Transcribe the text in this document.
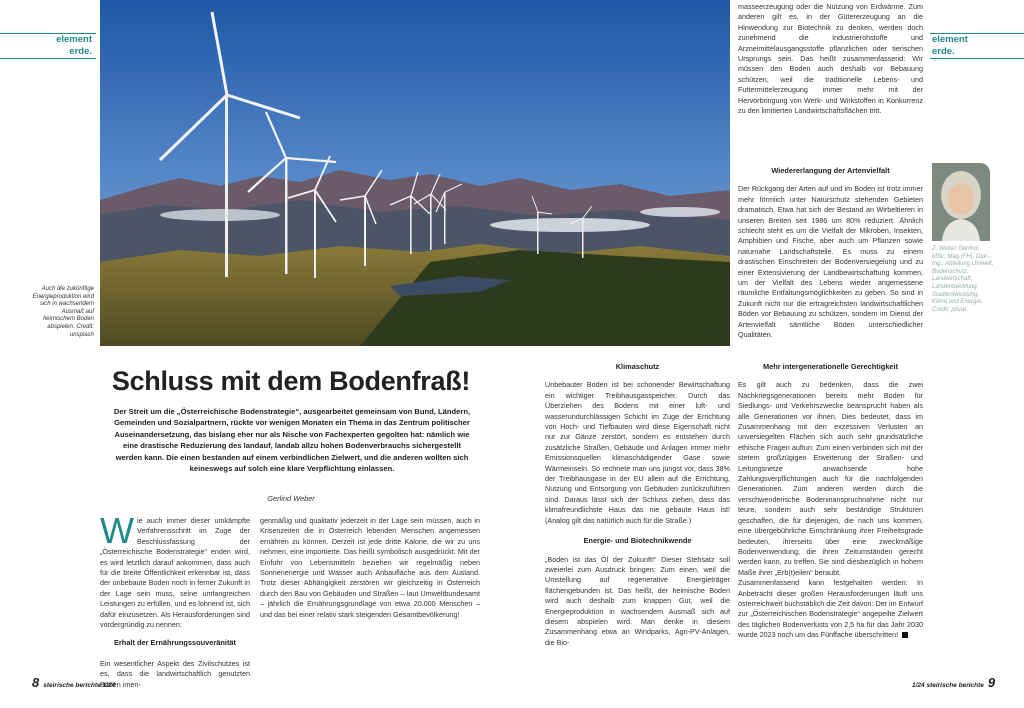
element
erde.
element
erde.
Auch die zukünftige Energieproduktion wird sich in wachsendem Ausmaß auf heimischem Boden abspielen. Credit: unsplash
Schluss mit dem Bodenfraß!
Der Streit um die „Österreichische Bodenstrategie“, ausgearbeitet gemeinsam von Bund, Ländern, Gemeinden und Sozialpartnern, rückte vor wenigen Monaten ein Thema in das Zentrum politischer Auseinandersetzung, das bislang eher nur als Nische von Fachexperten gegolten hat: nämlich wie eine drastische Reduzierung des landauf, landab allzu hohen Bodenverbrauchs sichergestellt werden kann. Die einen bestanden auf einem verbindlichen Zielwert, und die anderen wollten sich keineswegs auf solch eine klare Verpflichtung einlassen.
Gerlind Weber
W ie auch immer dieser umkämpfte Verfahrensschritt im Zuge der Beschlussfassung der „Österreichische Bodenstrategie“ enden wird, es wird letztlich darauf ankommen, dass auch für die breite Öffentlichkeit erkennbar ist, dass der unbebaute Boden noch in ferner Zukunft in der Lage sein muss, seine umfangreichen Leistungen zu erfüllen, und es lohnend ist, sich dafür einzusetzen. Als Herausforderungen sind vordergründig zu nennen:

Erhalt der Ernährungssouveränität

Ein wesentlicher Aspekt des Zivilschutzes ist es, dass die landwirtschaftlich genutzten Böden imen-

genmäßig und qualitativ jederzeit in der Lage sein müssen, auch in Krisenzeiten die in Österreich lebenden Menschen angemessen ernähren zu können. Derzeit ist jede dritte Kalorie, die wir zu uns nehmen, eine importierte. Das heißt symbolisch ausgedrückt: Mit der Einfuhr von Lebensmitteln beziehen wir regelmäßig neben Sonnenenergie und Wasser auch Anbaufläche aus dem Ausland. Trotz dieser Abhängigkeit zerstören wir gleichzeitig in Österreich durch den Bau von Gebäuden und Straßen – laut Umweltbundesamt – jährlich die Ernährungsgrundlage von etwa 20.000 Menschen – und das bei einer relativ stark steigenden Gesamtbevölkerung!

masseerzeugung oder die Nutzung von Erdwärme. Zum anderen gilt es, in der Gütererzeugung an die Hinwendung zur Biotechnik zu denken, werden doch zunehmend die Industrierohstoffe und Arzneimittelausgangsstoffe pflanzlichen oder tierischen Ursprungs sein. Das heißt zusammenfassend: Wir müssen den Boden auch deshalb vor Bebauung schützen, weil die traditionelle Lebens- und Futtermittelerzeugung immer mehr mit der Hervorbringung von Werk- und Wirkstoffen in Konkurrenz zu den limitierten Landwirtschaftsflächen tritt.

Klimaschutz

Unbebauter Boden ist bei schonender Bewirtschaftung ein wichtiger Treibhausgasspeicher. Durch das Überziehen des Bodens mit einer luft- und wasserundurchlässigen Schicht im Zuge der Errichtung von Hoch- und Tiefbauten wird diese Eigenschaft nicht nur zur Gänze zerstört, sondern es entstehen durch zusätzliche Straßen, Gebäude und Anlagen immer mehr Emissionsquellen klimaschädigender Gase sowie Wärmeinseln. So rechnete man uns jüngst vor, dass 38% der Treibhausgase in der EU allein auf die Errichtung, Nutzung und Entsorgung von Gebäuden zurückzuführen sind. Daraus lässt sich der Schluss ziehen, dass das klimafreundlichste Haus das nie gebaute Haus ist! (Analog gilt das natürlich auch für die Straße.)

Energie- und Biotechnikwende

„Boden ist das Öl der Zukunft!“ Dieser Stehsatz soll zweierlei zum Ausdruck bringen: Zum einen, weil die Umstellung auf regenerative Energieträger flächengebunden ist. Das heißt, der heimische Boden wird auch deshalb zum knappen Gut, weil die Energieproduktion in wachsendem Ausmaß sich auf diesem abspielen wird. Man denke in diesem Zusammenhang etwa an Windparks, Agri-PV-Anlagen, die Bio-

Wiedererlangung der Artenvielfalt

Der Rückgang der Arten auf und im Boden ist trotz immer mehr förmlich unter Naturschutz stehenden Gebieten dramatisch. Etwa hat sich der Bestand an Wirbeltieren in unseren Breiten seit 1986 um 80% reduziert. Ähnlich schlecht steht es um die Vielfalt der Mikroben, Insekten, Amphibien und Fische, aber auch um Pflanzen sowie naturnahe Landschaftsteile. Es muss zu einem drastischen Einschreiten der Bodenversiegelung und zu einer Extensivierung der Landbewirtschaftung kommen, um der Vielfalt des Lebens wieder angemessene räumliche Entfaltungsmöglichkeiten zu geben. So sind in Zukunft nicht nur die ertragreichsten landwirtschaftlichen Böden vor Bebauung zu schützen, sondern im Dienst der Artenvielfalt sämtliche Böden unterschiedlicher Qualitäten.

Mehr intergenerationelle Gerechtigkeit

Es gilt auch zu bedenken, dass die zwei Nachkriegsgenerationen bereits mehr Boden für Siedlungs- und Verkehrszwecke beansprucht haben als alle Generationen vor ihnen. Dies bedeutet, dass im Zusammenhang mit den exzessiven Verlusten an unversiegelten Flächen sich auch sehr grundsätzliche ethische Fragen auftun: Zum einen verbinden sich mit der stetem großzügigen Erweiterung der Straßen- und Leitungsnetze anwachsende hohe Zahlungsverpflichtungen auch für die nachfolgenden Generationen. Zum anderen werden durch die verschwenderische Bodeninanspruchnahme nicht nur teure, sondern auch sehr beständige Strukturen geschaffen, die für diejenigen, die nach uns kommen, eine übergebührliche Einschränkung ihrer Freiheitsgrade bedeuten, ihrerseits über eine zweckmäßige Bodenverwendung, die ihren Zeitumständen gerecht werden kann, zu treffen. Sie sind diesbezüglich in hohem Maße ihrer „Erb(t)eilen“ beraubt.

Zusammenfassend kann festgehalten werden: In Anbetracht dieser großen Herausforderungen läuft uns österreichweit buchstäblich die Zeit davon: Der im Entwurf zur „Österreichischen Bodenstrategie“ angepeilte Zielwert des täglichen Bodenverlusts von 2,5 ha für das Jahr 2030 wurde 2023 noch um das Fünffache überschritten!

Z. Weber Gerlind, MSc, Mag.(FH), Dipl.-Ing., Abteilung Umwelt, Bodenschutz, Landwirtschaft, Landentwicklung, Stadtentwicklung, Klima und Energie. Credit: privat
8 steirische berichte 1/24	1/24 steirische berichte 9
